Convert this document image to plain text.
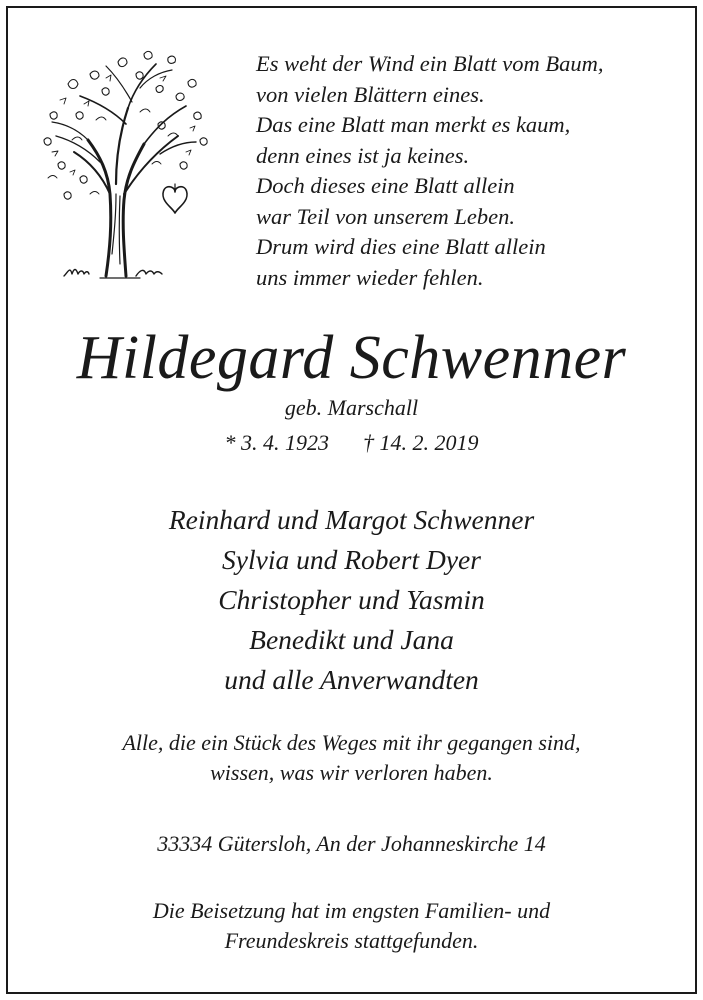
Es weht der Wind ein Blatt vom Baum,
von vielen Blättern eines.
Das eine Blatt man merkt es kaum,
denn eines ist ja keines.
Doch dieses eine Blatt allein
war Teil von unserem Leben.
Drum wird dies eine Blatt allein
uns immer wieder fehlen.
Hildegard Schwenner
geb. Marschall
* 3. 4. 1923 † 14. 2. 2019
Reinhard und Margot Schwenner
Sylvia und Robert Dyer
Christopher und Yasmin
Benedikt und Jana
und alle Anverwandten
Alle, die ein Stück des Weges mit ihr gegangen sind,
wissen, was wir verloren haben.
33334 Gütersloh, An der Johanneskirche 14
Die Beisetzung hat im engsten Familien- und
Freundeskreis stattgefunden.
